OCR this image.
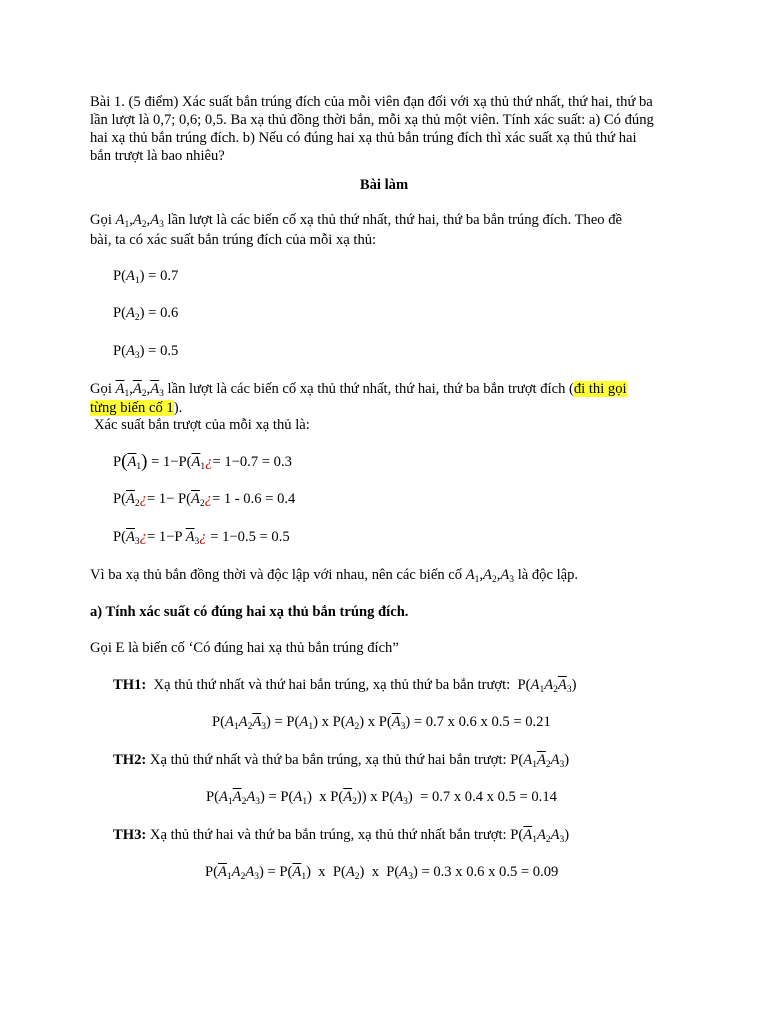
Bài 1. (5 điểm) Xác suất bắn trúng đích của mỗi viên đạn đối với xạ thủ thứ nhất, thứ hai, thứ ba
lần lượt là 0,7; 0,6; 0,5. Ba xạ thủ đồng thời bắn, mỗi xạ thủ một viên. Tính xác suất: a) Có đúng
hai xạ thủ bắn trúng đích. b) Nếu có đúng hai xạ thủ bắn trúng đích thì xác suất xạ thủ thứ hai
bắn trượt là bao nhiêu?
Bài làm
Gọi $A_1,A_2,A_3$ lần lượt là các biến cố xạ thủ thứ nhất, thứ hai, thứ ba bắn trúng đích. Theo đề
bài, ta có xác suất bắn trúng đích của mỗi xạ thủ:
$P(A_1) = 0.7$
$P(A_2) = 0.6$
$P(A_3) = 0.5$
Gọi $\overline{A}_1,\overline{A}_2,\overline{A}_3$ lần lượt là các biến cố xạ thủ thứ nhất, thứ hai, thứ ba bắn trượt đích (đi thi gọi
từng biến cố 1).
Xác suất bắn trượt của mỗi xạ thủ là:
$P(\overline{A}_1)$ = $1-P(\overline{A}_1¿= 1-0.7 = 0.3$
$P(\overline{A}_2¿= 1-$ $P(\overline{A}_2¿= 1 - 0.6 = 0.4$
$P(\overline{A}_3¿= 1-P$ $\overline{A}_3¿ = 1-0.5 = 0.5$
Vì ba xạ thủ bắn đồng thời và độc lập với nhau, nên các biến cố $A_1,A_2,A_3$ là độc lập.
a) Tính xác suất có đúng hai xạ thủ bắn trúng đích.
Gọi E là biến cố ‘Có đúng hai xạ thủ bắn trúng đích”
TH1: Xạ thủ thứ nhất và thứ hai bắn trúng, xạ thủ thứ ba bắn trượt: $P(A_1A_2\overline{A}_3)$
$P(A_1A_2\overline{A}_3) = P(A_1)$ x $P(A_2)$ x $P(\overline{A}_3) = 0.7$ x 0.6 x 0.5 = 0.21
TH2: Xạ thủ thứ nhất và thứ ba bắn trúng, xạ thủ thứ hai bắn trượt: $P(A_1\overline{A}_2A_3)$
$P(A_1\overline{A}_2A_3) = P(A_1)$  x $P(\overline{A}_2)$) x $P(A_3) = 0.7$ x 0.4 x 0.5 = 0.14
TH3: Xạ thủ thứ hai và thứ ba bắn trúng, xạ thủ thứ nhất bắn trượt: $P(\overline{A}_1A_2A_3)$
$P(\overline{A}_1A_2A_3) = P(\overline{A}_1)$  x $P(A_2)$  x $P(A_3) = 0.3$ x 0.6 x 0.5 = 0.09
